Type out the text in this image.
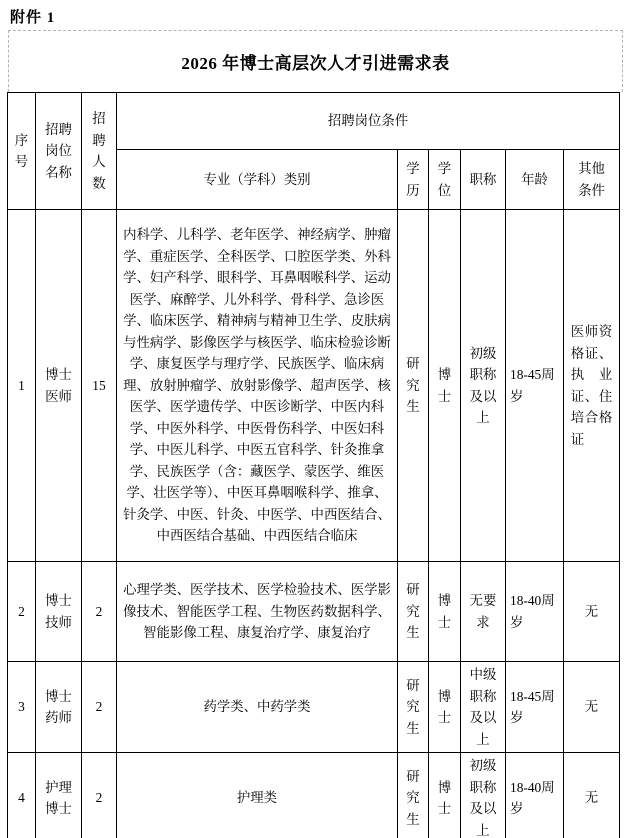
附件 1
2026 年博士高层次人才引进需求表
序号	招聘岗位名称	招聘人数	招聘岗位条件					
			专业（学科）类别	学历	学位	职称	年龄	其他条件

1	博士医师	15	内科学、儿科学、老年医学、神经病学、肿瘤学、重症医学、全科医学、口腔医学类、外科学、妇产科学、眼科学、耳鼻咽喉科学、运动医学、麻醉学、儿外科学、骨科学、急诊医学、临床医学、精神病与精神卫生学、皮肤病与性病学、影像医学与核医学、临床检验诊断学、康复医学与理疗学、民族医学、临床病理、放射肿瘤学、放射影像学、超声医学、核医学、医学遗传学、中医诊断学、中医内科学、中医外科学、中医骨伤科学、中医妇科学、中医儿科学、中医五官科学、针灸推拿学、民族医学（含：藏医学、蒙医学、维医学、壮医学等）、中医耳鼻咽喉科学、推拿、针灸学、中医、针灸、中医学、中西医结合、中西医结合基础、中西医结合临床	研究生	博士	初级职称及以上	18-45周岁	医师资格证、执业证、住培合格证

2	博士技师	2	心理学类、医学技术、医学检验技术、医学影像技术、智能医学工程、生物医药数据科学、智能影像工程、康复治疗学、康复治疗	研究生	博士	无要求	18-40周岁	无
3	博士药师	2	药学类、中药学类	研究生	博士	中级职称及以上	18-45周岁	无
4	护理博士	2	护理类	研究生	博士	初级职称及以上	18-40周岁	无
